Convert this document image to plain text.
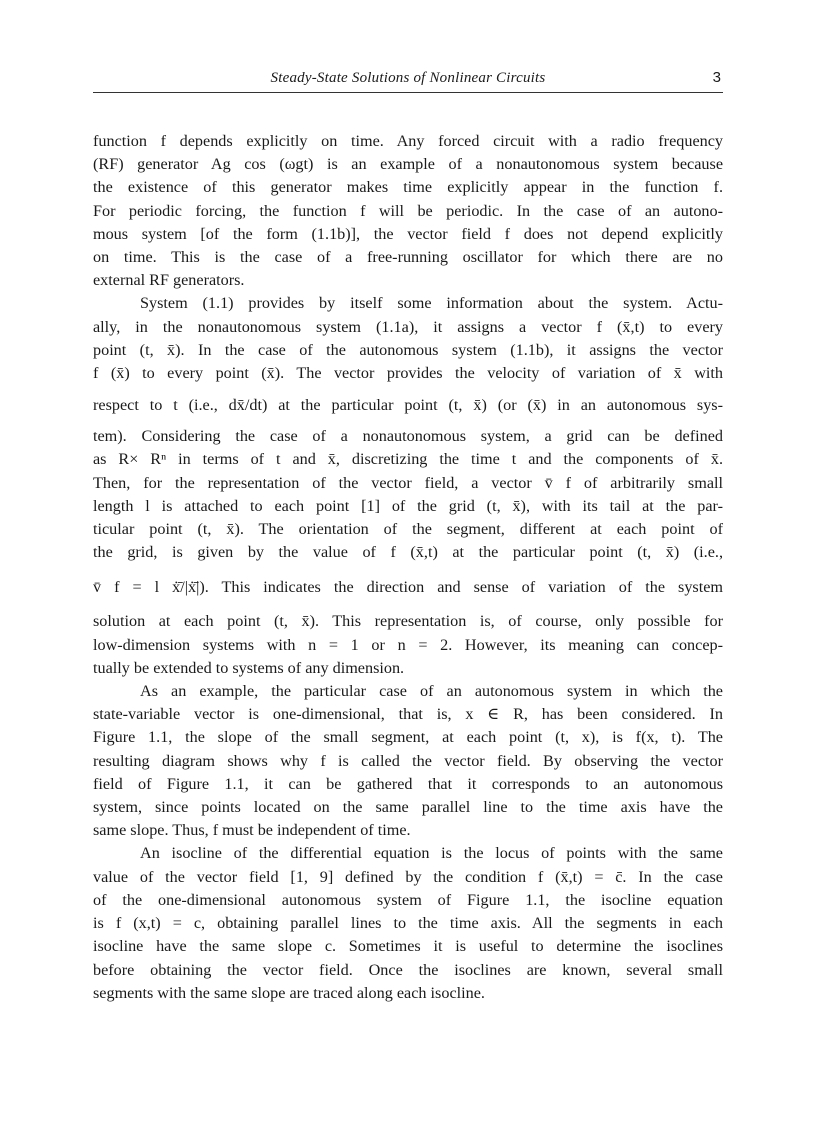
Steady-State Solutions of Nonlinear Circuits	3
function f depends explicitly on time. Any forced circuit with a radio frequency
(RF) generator Ag cos (ωgt) is an example of a nonautonomous system because
the existence of this generator makes time explicitly appear in the function f.
For periodic forcing, the function f will be periodic. In the case of an autono-
mous system [of the form (1.1b)], the vector field f does not depend explicitly
on time. This is the case of a free-running oscillator for which there are no
external RF generators.
System (1.1) provides by itself some information about the system. Actu-
ally, in the nonautonomous system (1.1a), it assigns a vector f (x̄,t) to every
point (t, x̄). In the case of the autonomous system (1.1b), it assigns the vector
f (x̄) to every point (x̄). The vector provides the velocity of variation of x̄ with
respect to t (i.e., dx̄/dt) at the particular point (t, x̄) (or (x̄) in an autonomous sys-
tem). Considering the case of a nonautonomous system, a grid can be defined
as R× Rⁿ in terms of t and x̄, discretizing the time t and the components of x̄.
Then, for the representation of the vector field, a vector v̄ f of arbitrarily small
length l is attached to each point [1] of the grid (t, x̄), with its tail at the par-
ticular point (t, x̄). The orientation of the segment, different at each point of
the grid, is given by the value of f (x̄,t) at the particular point (t, x̄) (i.e.,
v̄ f = l ẋ̄/|ẋ̄|). This indicates the direction and sense of variation of the system
solution at each point (t, x̄). This representation is, of course, only possible for
low-dimension systems with n = 1 or n = 2. However, its meaning can concep-
tually be extended to systems of any dimension.
As an example, the particular case of an autonomous system in which the
state-variable vector is one-dimensional, that is, x ∈ R, has been considered. In
Figure 1.1, the slope of the small segment, at each point (t, x), is f(x, t). The
resulting diagram shows why f is called the vector field. By observing the vector
field of Figure 1.1, it can be gathered that it corresponds to an autonomous
system, since points located on the same parallel line to the time axis have the
same slope. Thus, f must be independent of time.
An isocline of the differential equation is the locus of points with the same
value of the vector field [1, 9] defined by the condition f (x̄,t) = c̄. In the case
of the one-dimensional autonomous system of Figure 1.1, the isocline equation
is f (x,t) = c, obtaining parallel lines to the time axis. All the segments in each
isocline have the same slope c. Sometimes it is useful to determine the isoclines
before obtaining the vector field. Once the isoclines are known, several small
segments with the same slope are traced along each isocline.
